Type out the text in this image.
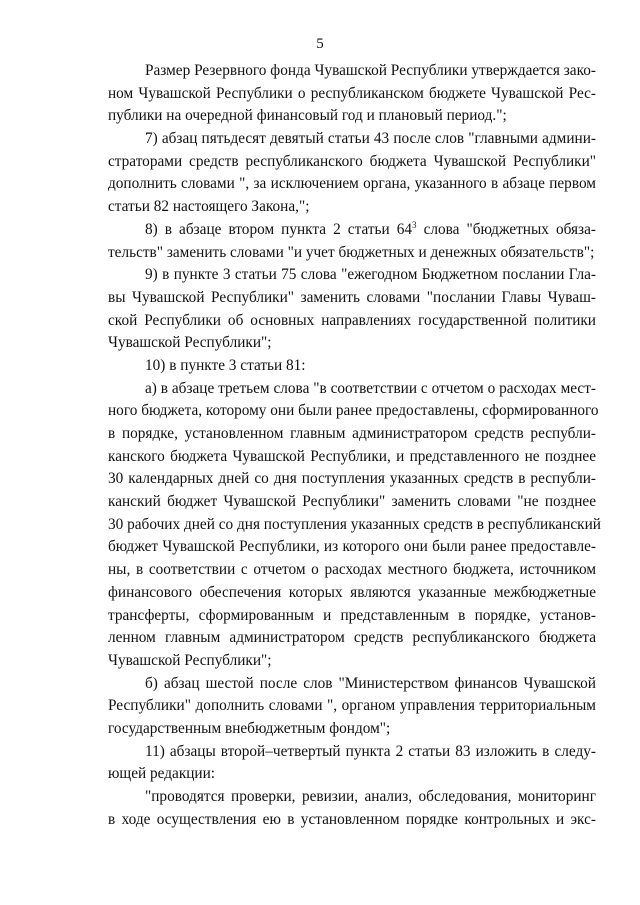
5
Размер Резервного фонда Чувашской Республики утверждается зако-
ном Чувашской Республики о республиканском бюджете Чувашской Рес-
публики на очередной финансовый год и плановый период.";
7) абзац пятьдесят девятый статьи 43 после слов "главными админи-
страторами средств республиканского бюджета Чувашской Республики"
дополнить словами ", за исключением органа, указанного в абзаце первом
статьи 82 настоящего Закона,";
8) в абзаце втором пункта 2 статьи $64^3$ слова "бюджетных обяза-
тельств" заменить словами "и учет бюджетных и денежных обязательств";
9) в пункте 3 статьи 75 слова "ежегодном Бюджетном послании Гла-
вы Чувашской Республики" заменить словами "послании Главы Чуваш-
ской Республики об основных направлениях государственной политики
Чувашской Республики";
10) в пункте 3 статьи 81:
а) в абзаце третьем слова "в соответствии с отчетом о расходах мест-
ного бюджета, которому они были ранее предоставлены, сформированного
в порядке, установленном главным администратором средств республи-
канского бюджета Чувашской Республики, и представленного не позднее
30 календарных дней со дня поступления указанных средств в республи-
канский бюджет Чувашской Республики" заменить словами "не позднее
30 рабочих дней со дня поступления указанных средств в республиканский
бюджет Чувашской Республики, из которого они были ранее предоставле-
ны, в соответствии с отчетом о расходах местного бюджета, источником
финансового обеспечения которых являются указанные межбюджетные
трансферты, сформированным и представленным в порядке, установ-
ленном главным администратором средств республиканского бюджета
Чувашской Республики";
б) абзац шестой после слов "Министерством финансов Чувашской
Республики" дополнить словами ", органом управления территориальным
государственным внебюджетным фондом";
11) абзацы второй–четвертый пункта 2 статьи 83 изложить в следу-
ющей редакции:
"проводятся проверки, ревизии, анализ, обследования, мониторинг
в ходе осуществления ею в установленном порядке контрольных и экс-
